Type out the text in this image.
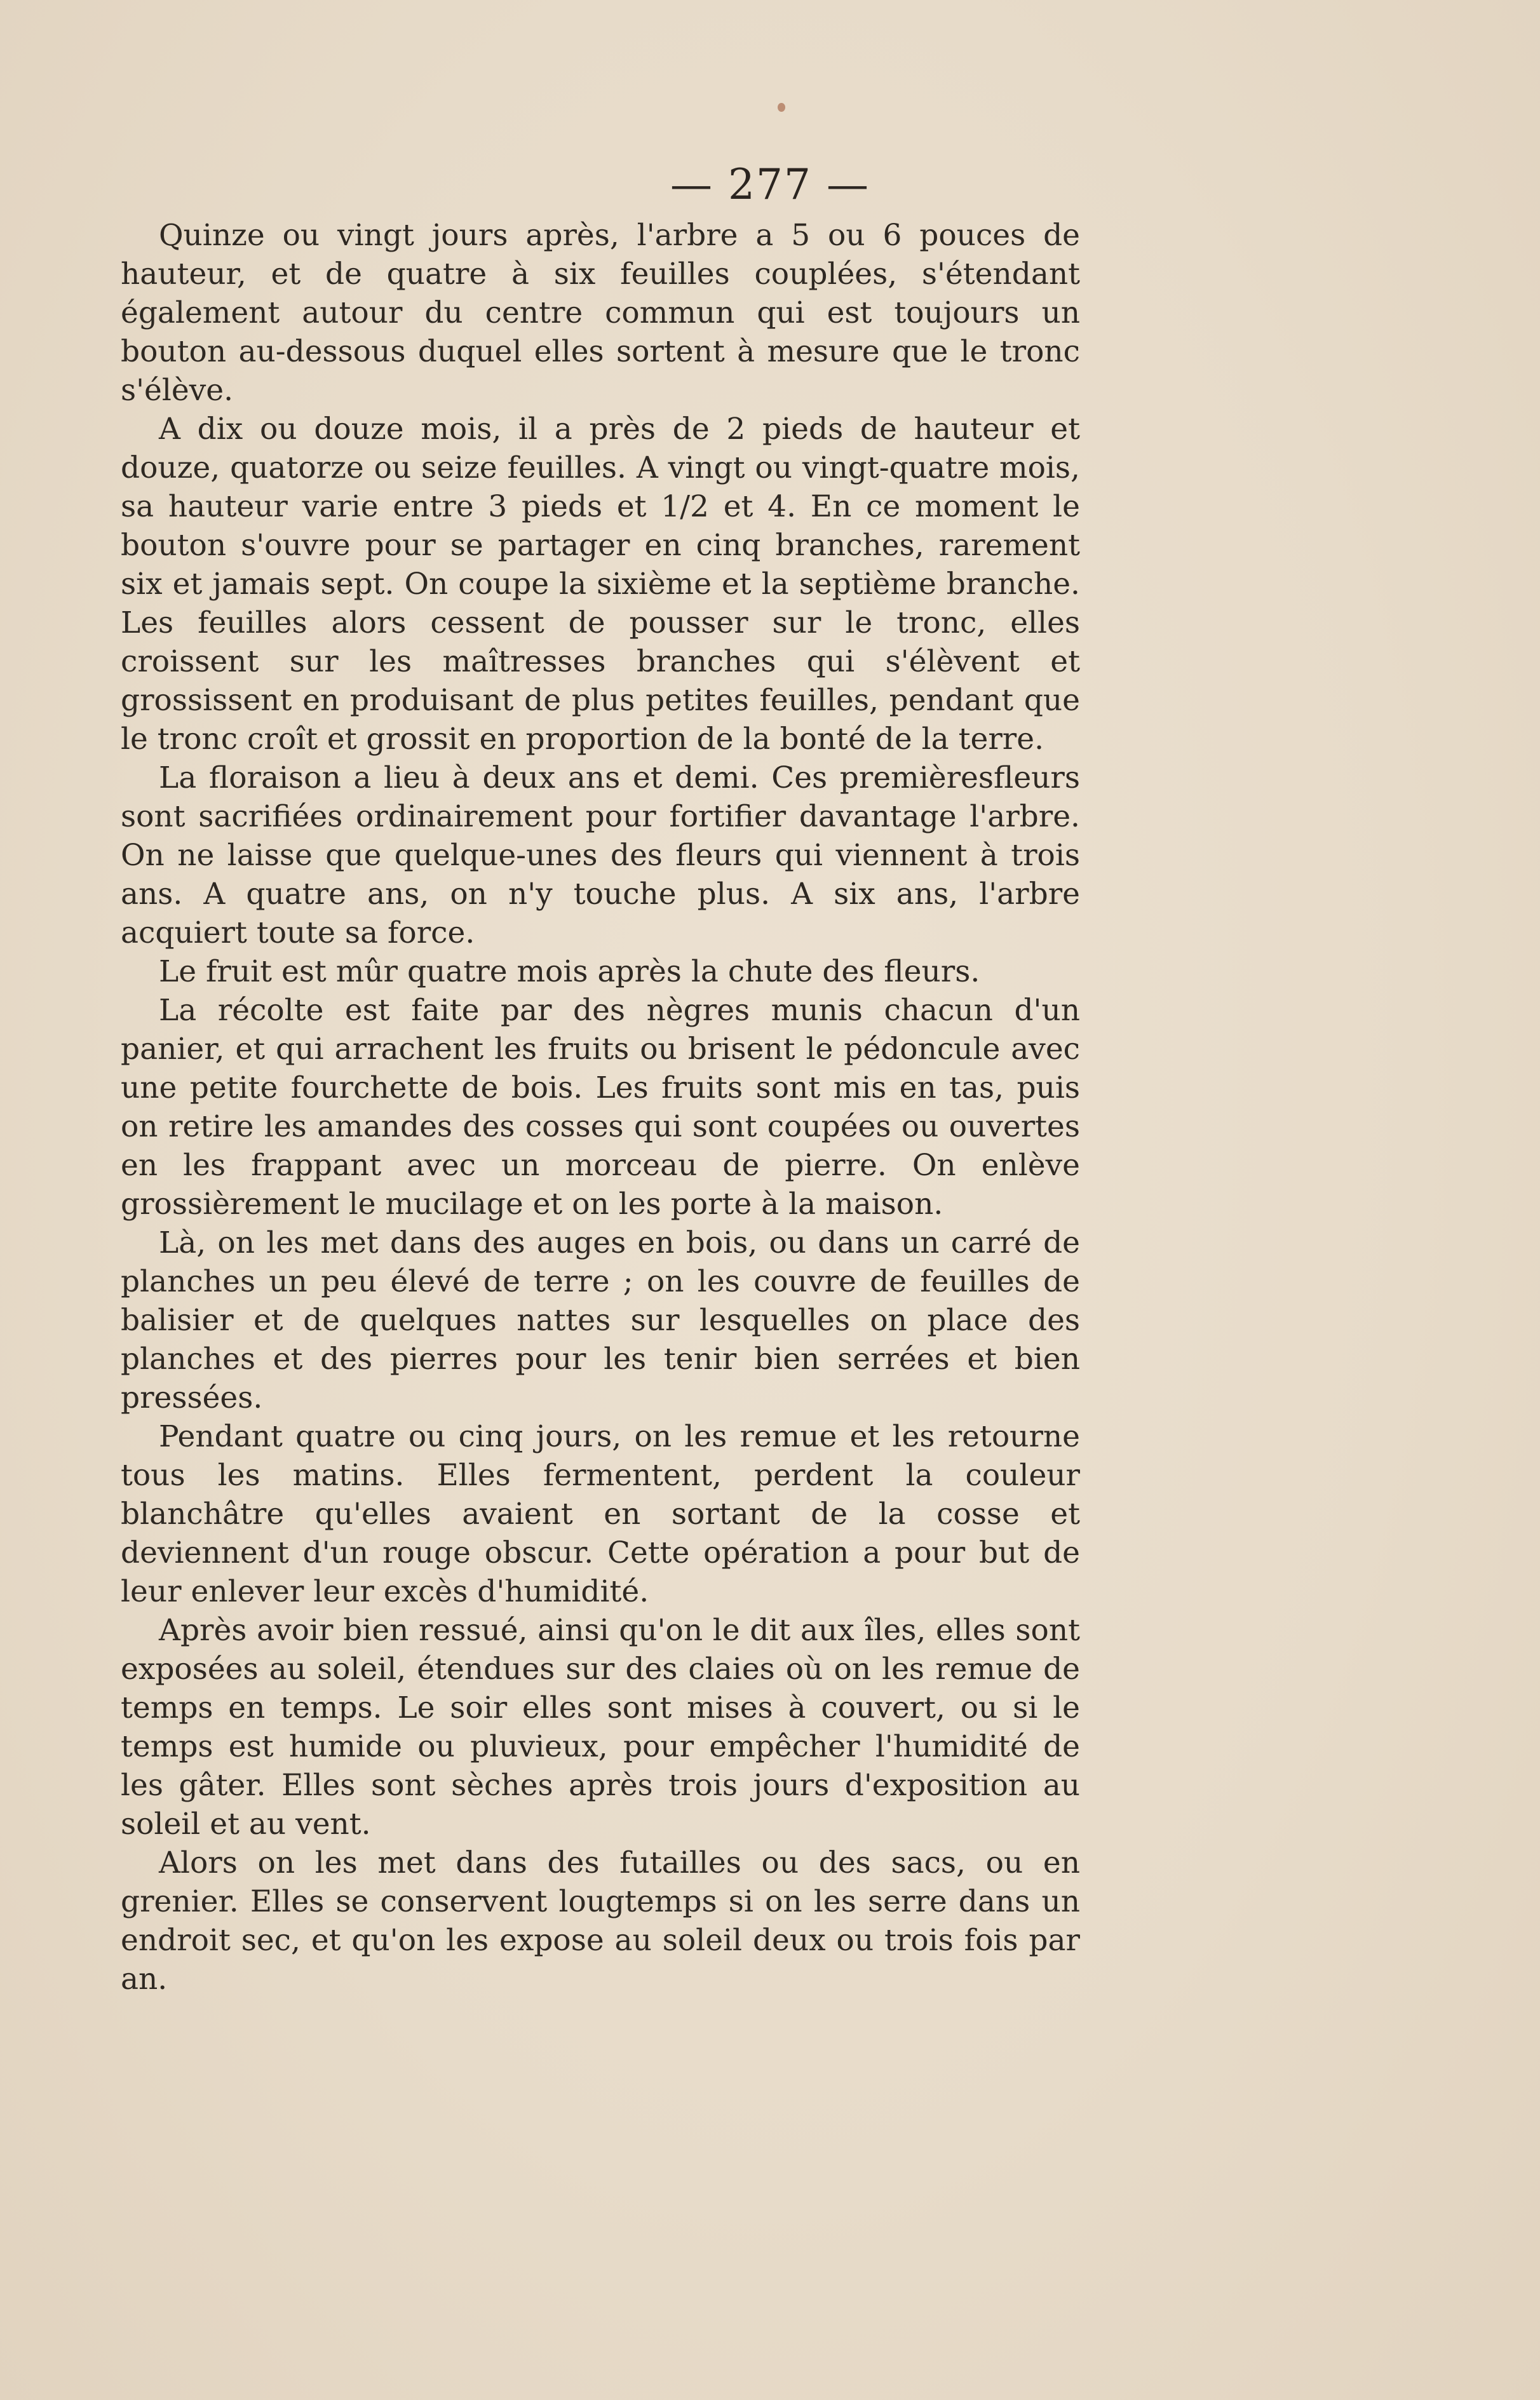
— 277 —

Quinze ou vingt jours après, l'arbre a 5 ou 6 pouces de hauteur, et de quatre à six feuilles couplées, s'étendant également autour du centre commun qui est toujours un bouton au-dessous duquel elles sortent à mesure que le tronc s'élève.

A dix ou douze mois, il a près de 2 pieds de hauteur et douze, quatorze ou seize feuilles. A vingt ou vingt-quatre mois, sa hauteur varie entre 3 pieds et 1/2 et 4. En ce moment le bouton s'ouvre pour se partager en cinq branches, rarement six et jamais sept. On coupe la sixième et la septième branche. Les feuilles alors cessent de pousser sur le tronc, elles croissent sur les maîtresses branches qui s'élèvent et grossissent en produisant de plus petites feuilles, pendant que le tronc croît et grossit en proportion de la bonté de la terre.

La floraison a lieu à deux ans et demi. Ces premièresfleurs sont sacrifiées ordinairement pour fortifier davantage l'arbre. On ne laisse que quelque-unes des fleurs qui viennent à trois ans. A quatre ans, on n'y touche plus. A six ans, l'arbre acquiert toute sa force.

Le fruit est mûr quatre mois après la chute des fleurs.

La récolte est faite par des nègres munis chacun d'un panier, et qui arrachent les fruits ou brisent le pédoncule avec une petite fourchette de bois. Les fruits sont mis en tas, puis on retire les amandes des cosses qui sont coupées ou ouvertes en les frappant avec un morceau de pierre. On enlève grossièrement le mucilage et on les porte à la maison.

Là, on les met dans des auges en bois, ou dans un carré de planches un peu élevé de terre ; on les couvre de feuilles de balisier et de quelques nattes sur lesquelles on place des planches et des pierres pour les tenir bien serrées et bien pressées.

Pendant quatre ou cinq jours, on les remue et les retourne tous les matins. Elles fermentent, perdent la couleur blanchâtre qu'elles avaient en sortant de la cosse et deviennent d'un rouge obscur. Cette opération a pour but de leur enlever leur excès d'humidité.

Après avoir bien ressué, ainsi qu'on le dit aux îles, elles sont exposées au soleil, étendues sur des claies où on les remue de temps en temps. Le soir elles sont mises à couvert, ou si le temps est humide ou pluvieux, pour empêcher l'humidité de les gâter. Elles sont sèches après trois jours d'exposition au soleil et au vent.

Alors on les met dans des futailles ou des sacs, ou en grenier. Elles se conservent lougtemps si on les serre dans un endroit sec, et qu'on les expose au soleil deux ou trois fois par an.
